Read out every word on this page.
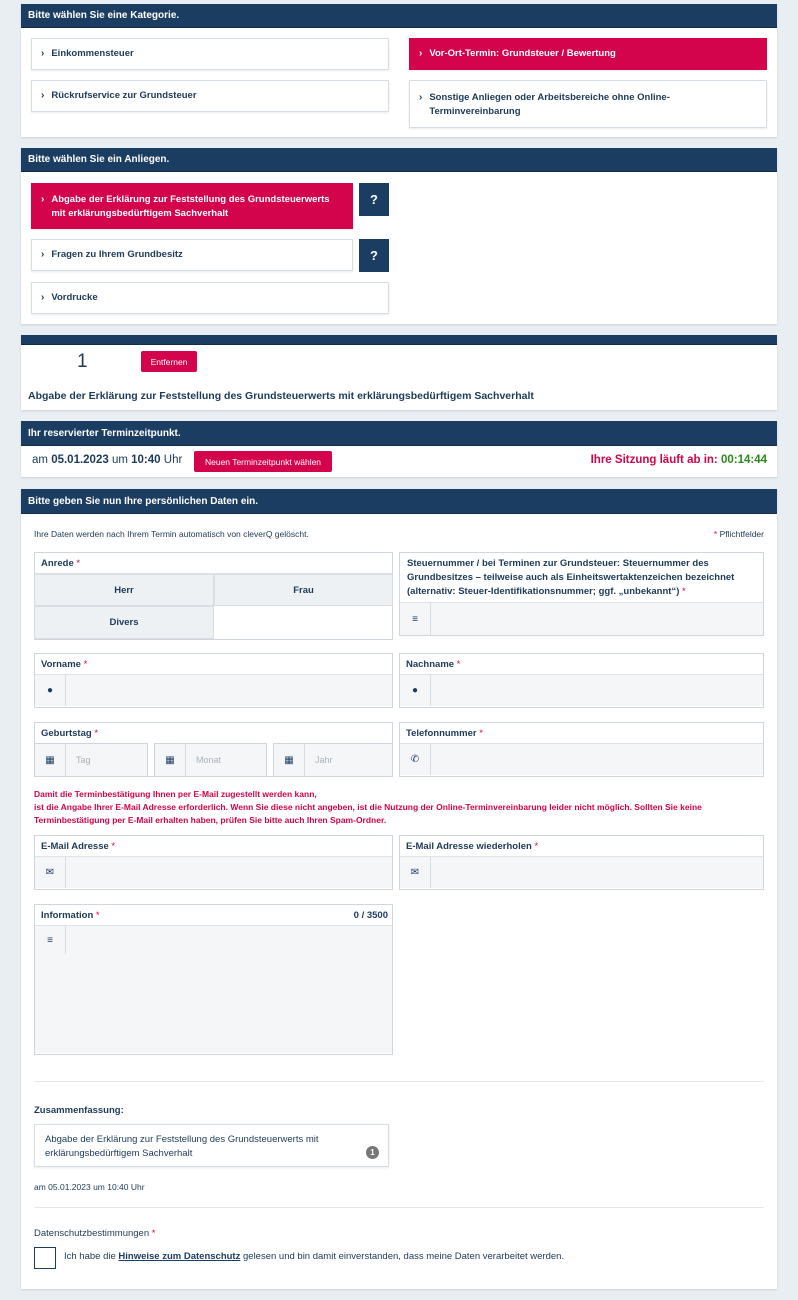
Bitte wählen Sie eine Kategorie.
› Einkommensteuer	› Vor-Ort-Termin: Grundsteuer / Bewertung
› Rückrufservice zur Grundsteuer	› Sonstige Anliegen oder Arbeitsbereiche ohne Online-Terminvereinbarung
Bitte wählen Sie ein Anliegen.
› Abgabe der Erklärung zur Feststellung des Grundsteuerwerts mit erklärungsbedürftigem Sachverhalt
?
› Fragen zu Ihrem Grundbesitz	?
› Vordrucke
1	Entfernen
Abgabe der Erklärung zur Feststellung des Grundsteuerwerts mit erklärungsbedürftigem Sachverhalt
Ihr reservierter Terminzeitpunkt.
am 05.01.2023 um 10:40 Uhr	Neuen Terminzeitpunkt wählen	Ihre Sitzung läuft ab in: 00:14:44
Bitte geben Sie nun Ihre persönlichen Daten ein.
Ihre Daten werden nach Ihrem Termin automatisch von cleverQ gelöscht.	* Pflichtfelder
Anrede
*
Herr	Frau
Divers
Steuernummer / bei Terminen zur Grundsteuer: Steuernummer des Grundbesitzes – teilweise auch als Einheitswertaktenzeichen bezeichnet (alternativ: Steuer-Identifikationsnummer; ggf. „unbekannt“) *
≡
Vorname
*
●
Nachname
*
●
Geburtstag
*
▦	Tag	▦	Monat	▦	Jahr
Telefonnummer
*
✆
Damit die Terminbestätigung Ihnen per E-Mail zugestellt werden kann,
ist die Angabe Ihrer E-Mail Adresse erforderlich. Wenn Sie diese nicht angeben, ist die Nutzung der Online-Terminvereinbarung leider nicht möglich. Sollten Sie keine Terminbestätigung per E-Mail erhalten haben, prüfen Sie bitte auch Ihren Spam-Ordner.
E-Mail Adresse
*
✉
E-Mail Adresse wiederholen
*
✉
Information *	0 / 3500
≡
Zusammenfassung:
Abgabe der Erklärung zur Feststellung des Grundsteuerwerts mit erklärungsbedürftigem Sachverhalt	1
am 05.01.2023 um 10:40 Uhr
Datenschutzbestimmungen *
Ich habe die Hinweise zum Datenschutz gelesen und bin damit einverstanden, dass meine Daten verarbeitet werden.
